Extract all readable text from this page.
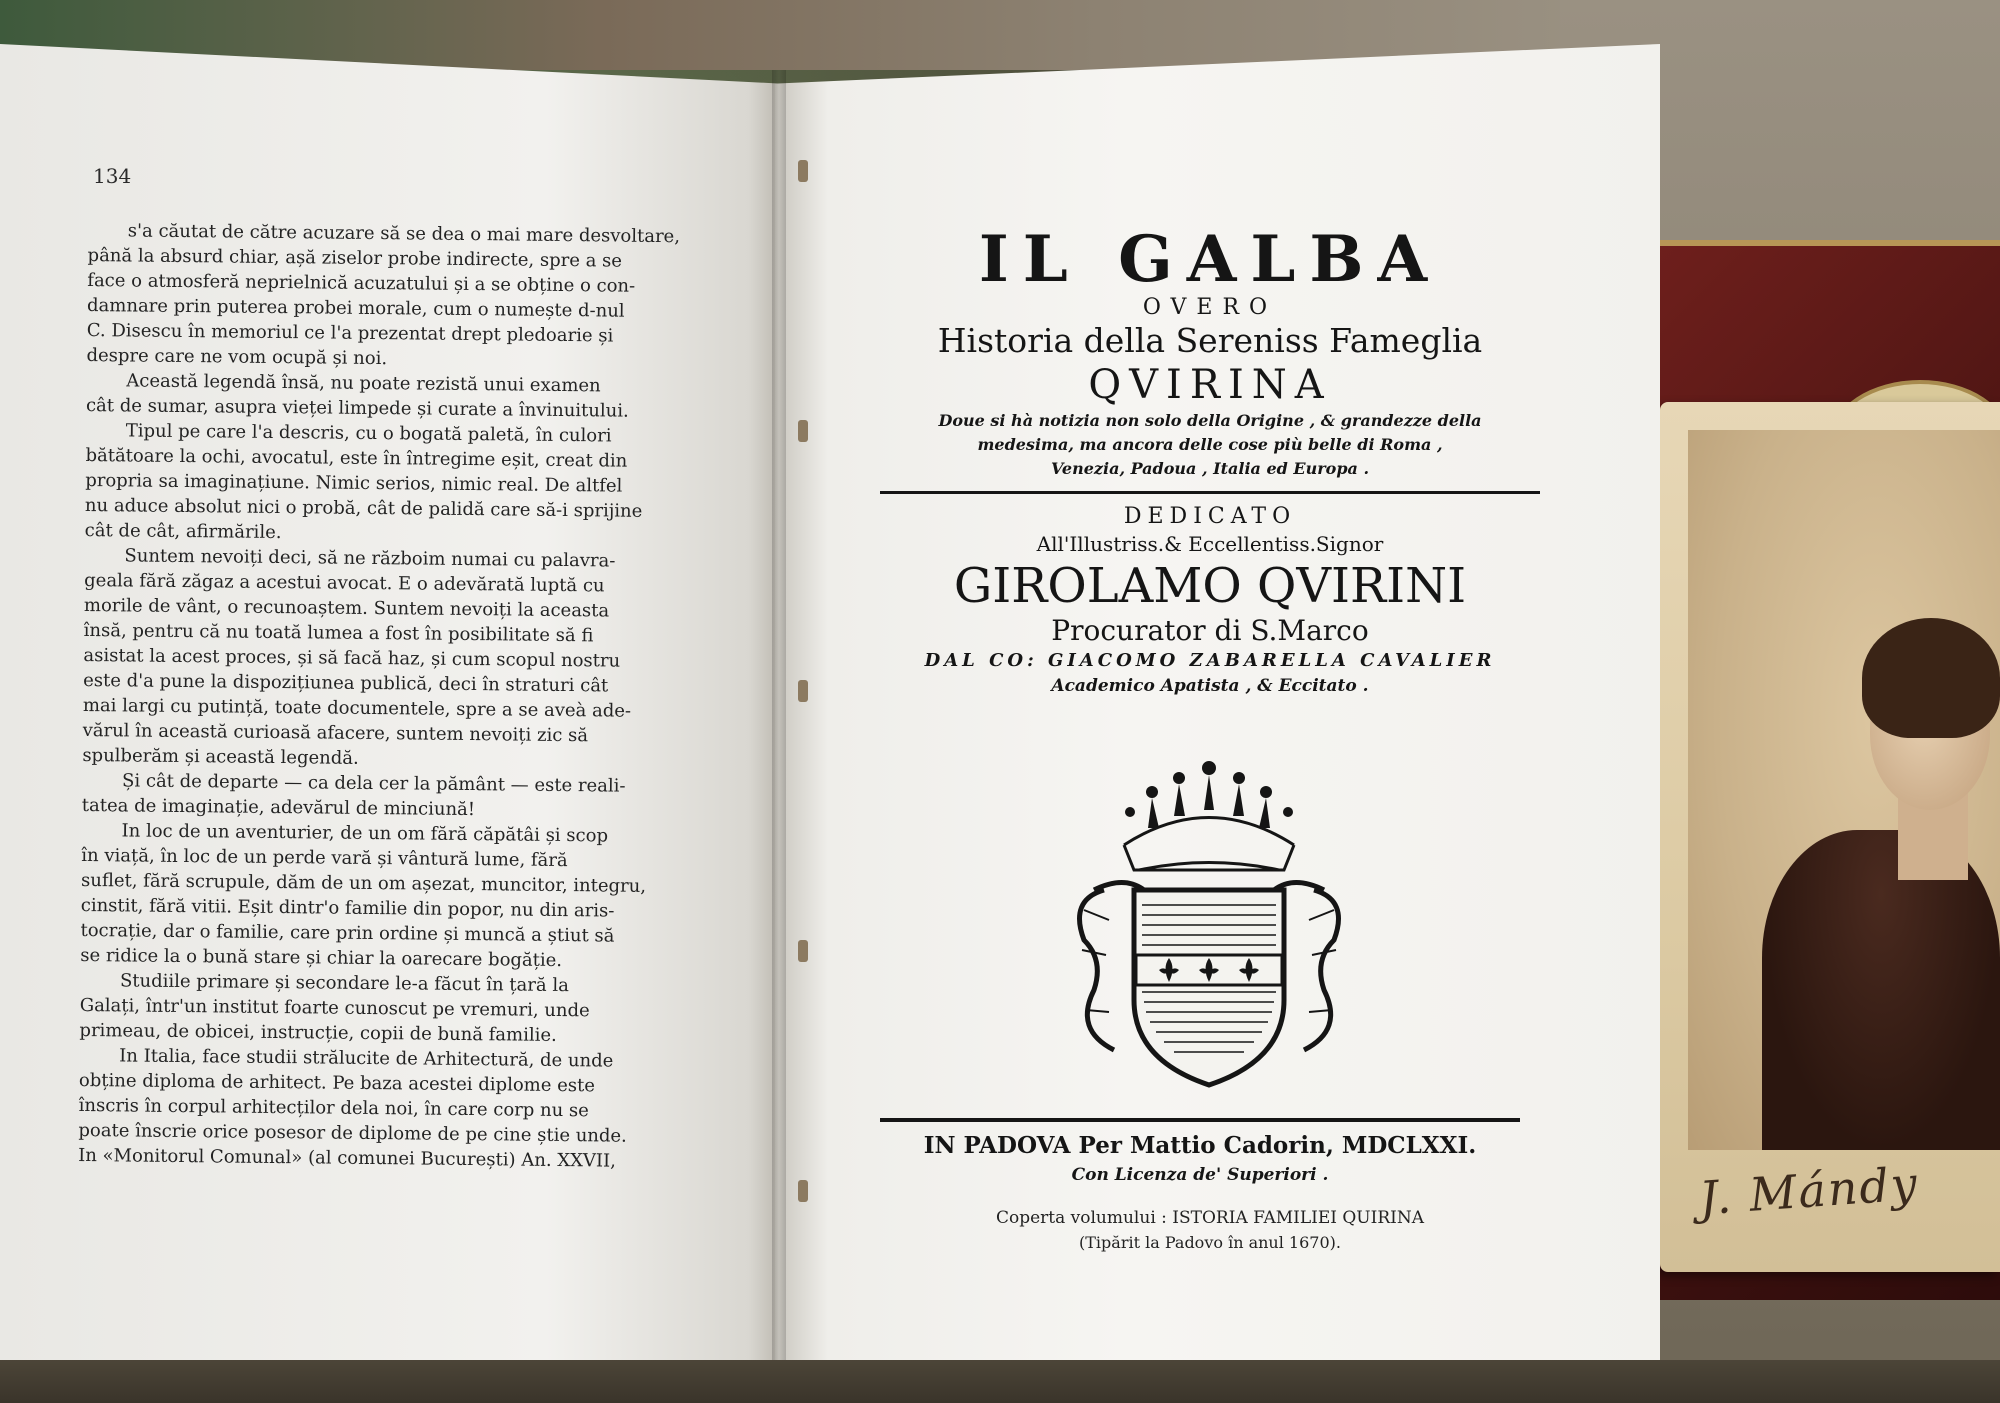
J. Mándy
134
s'a căutat de către acuzare să se dea o mai mare desvoltare,
până la absurd chiar, așă ziselor probe indirecte, spre a se
face o atmosferă neprielnică acuzatului și a se obține o con-
damnare prin puterea probei morale, cum o numește d-nul
C. Disescu în memoriul ce l'a prezentat drept pledoarie și
despre care ne vom ocupă și noi.
Această legendă însă, nu poate rezistă unui examen
cât de sumar, asupra vieței limpede și curate a învinuitului.
Tipul pe care l'a descris, cu o bogată paletă, în culori
bătătoare la ochi, avocatul, este în întregime eșit, creat din
propria sa imaginațiune. Nimic serios, nimic real. De altfel
nu aduce absolut nici o probă, cât de palidă care să-i sprijine
cât de cât, afirmările.
Suntem nevoiți deci, să ne războim numai cu palavra-
geala fără zăgaz a acestui avocat. E o adevărată luptă cu
morile de vânt, o recunoaștem. Suntem nevoiți la aceasta
însă, pentru că nu toată lumea a fost în posibilitate să fi
asistat la acest proces, și să facă haz, și cum scopul nostru
este d'a pune la dispozițiunea publică, deci în straturi cât
mai largi cu putință, toate documentele, spre a se aveà ade-
vărul în această curioasă afacere, suntem nevoiți zic să
spulberăm și această legendă.
Și cât de departe — ca dela cer la pământ — este reali-
tatea de imaginație, adevărul de minciună!
In loc de un aventurier, de un om fără căpătâi și scop
în viață, în loc de un perde vară și vântură lume, fără
suflet, fără scrupule, dăm de un om așezat, muncitor, integru,
cinstit, fără vitii. Eșit dintr'o familie din popor, nu din aris-
tocrație, dar o familie, care prin ordine și muncă a știut să
se ridice la o bună stare și chiar la oarecare bogăție.
Studiile primare și secondare le-a făcut în țară la
Galați, într'un institut foarte cunoscut pe vremuri, unde
primeau, de obicei, instrucție, copii de bună familie.
In Italia, face studii strălucite de Arhitectură, de unde
obține diploma de arhitect. Pe baza acestei diplome este
înscris în corpul arhitecților dela noi, în care corp nu se
poate înscrie orice posesor de diplome de pe cine știe unde.
In «Monitorul Comunal» (al comunei București) An. XXVII,
IL GALBA
OVERO
Historia della Sereniss Fameglia
QVIRINA
Doue si hà notizia non solo della Origine , & grandezze della
medesima, ma ancora delle cose più belle di Roma ,
Venezia, Padoua , Italia ed Europa .
DEDICATO
All'Illustriss.& Eccellentiss.Signor
GIROLAMO QVIRINI
Procurator di S.Marco
DAL CO: GIACOMO ZABARELLA CAVALIER
Academico Apatista , & Eccitato .
IN PADOVA Per Mattio Cadorin, MDCLXXI.
Con Licenza de' Superiori .
Coperta volumului : ISTORIA FAMILIEI QUIRINA
(Tipărit la Padovo în anul 1670).
